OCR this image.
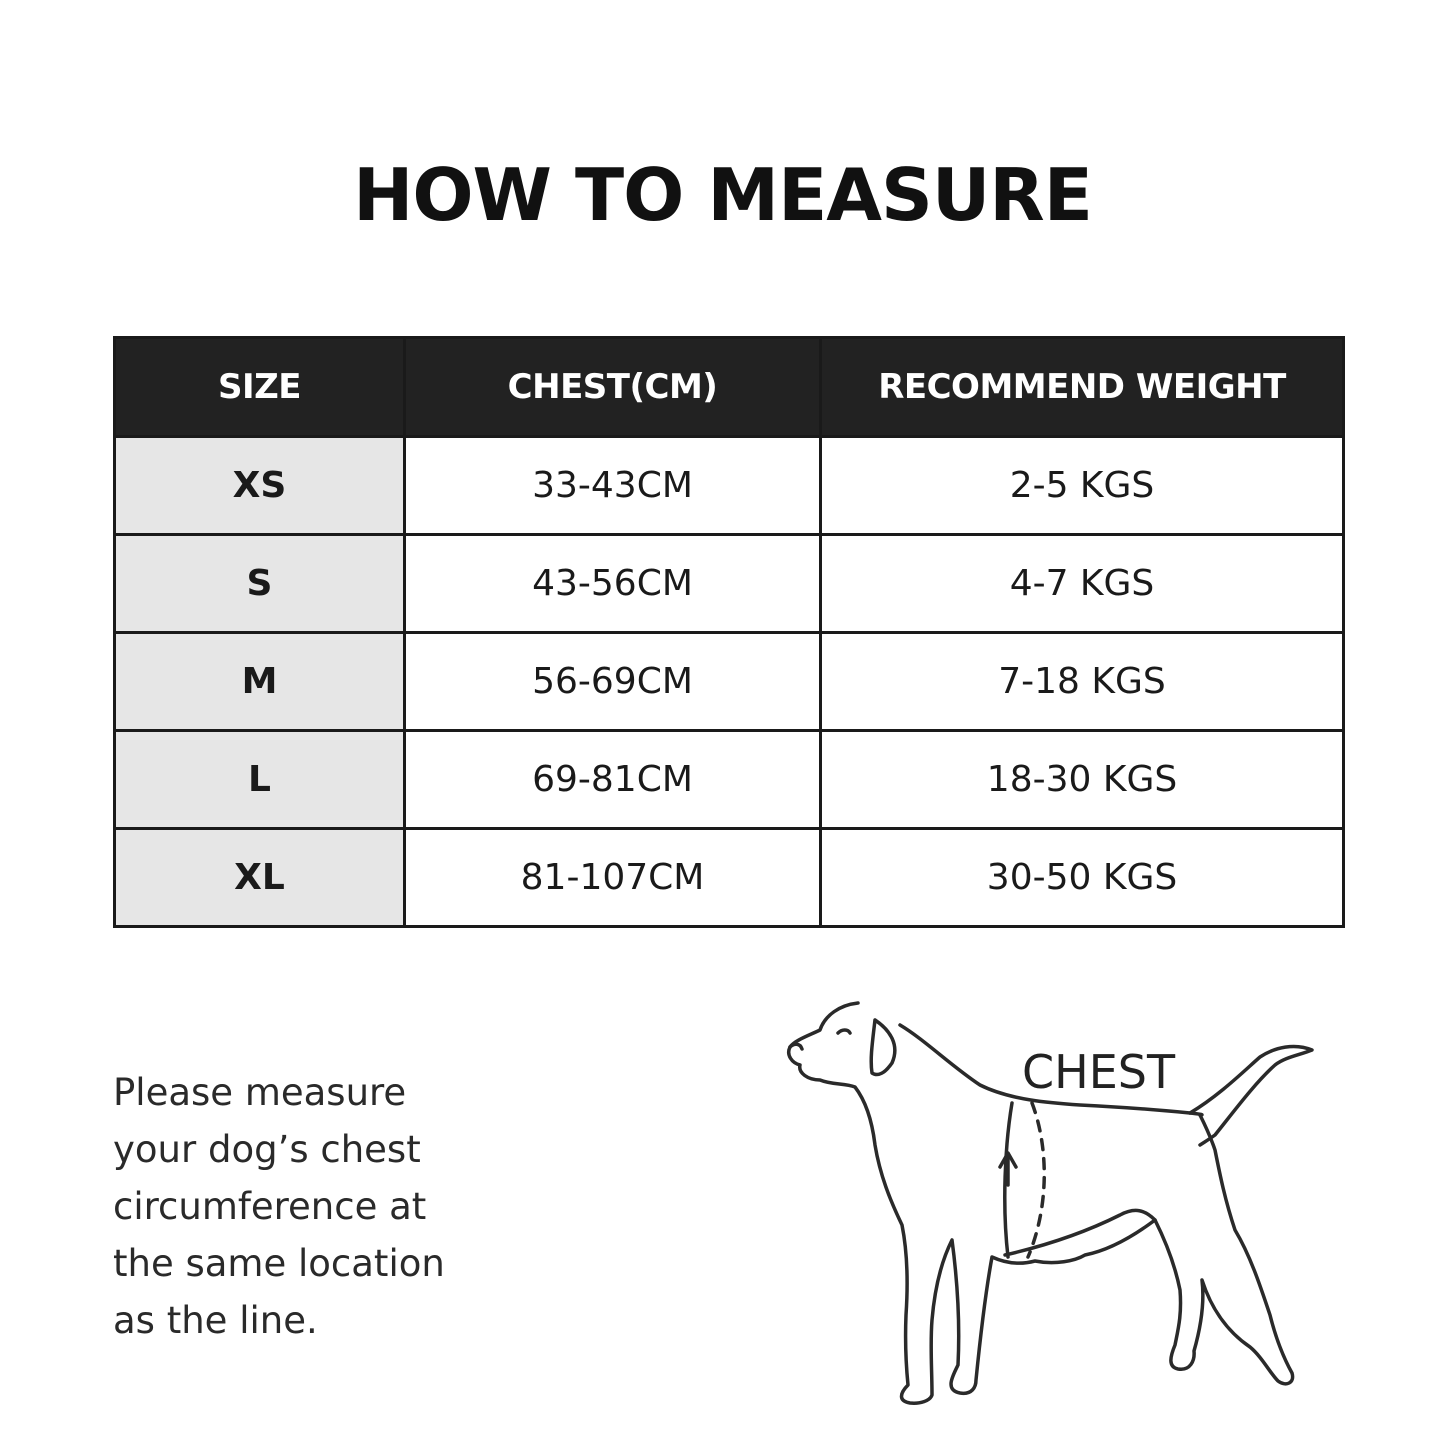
HOW TO MEASURE
SIZE	CHEST(CM)	RECOMMEND WEIGHT
XS	33-43CM	2-5 KGS
S	43-56CM	4-7 KGS
M	56-69CM	7-18 KGS
L	69-81CM	18-30 KGS
XL	81-107CM	30-50 KGS
Please measure
your dog’s chest
circumference at
the same location
as the line.
CHEST
